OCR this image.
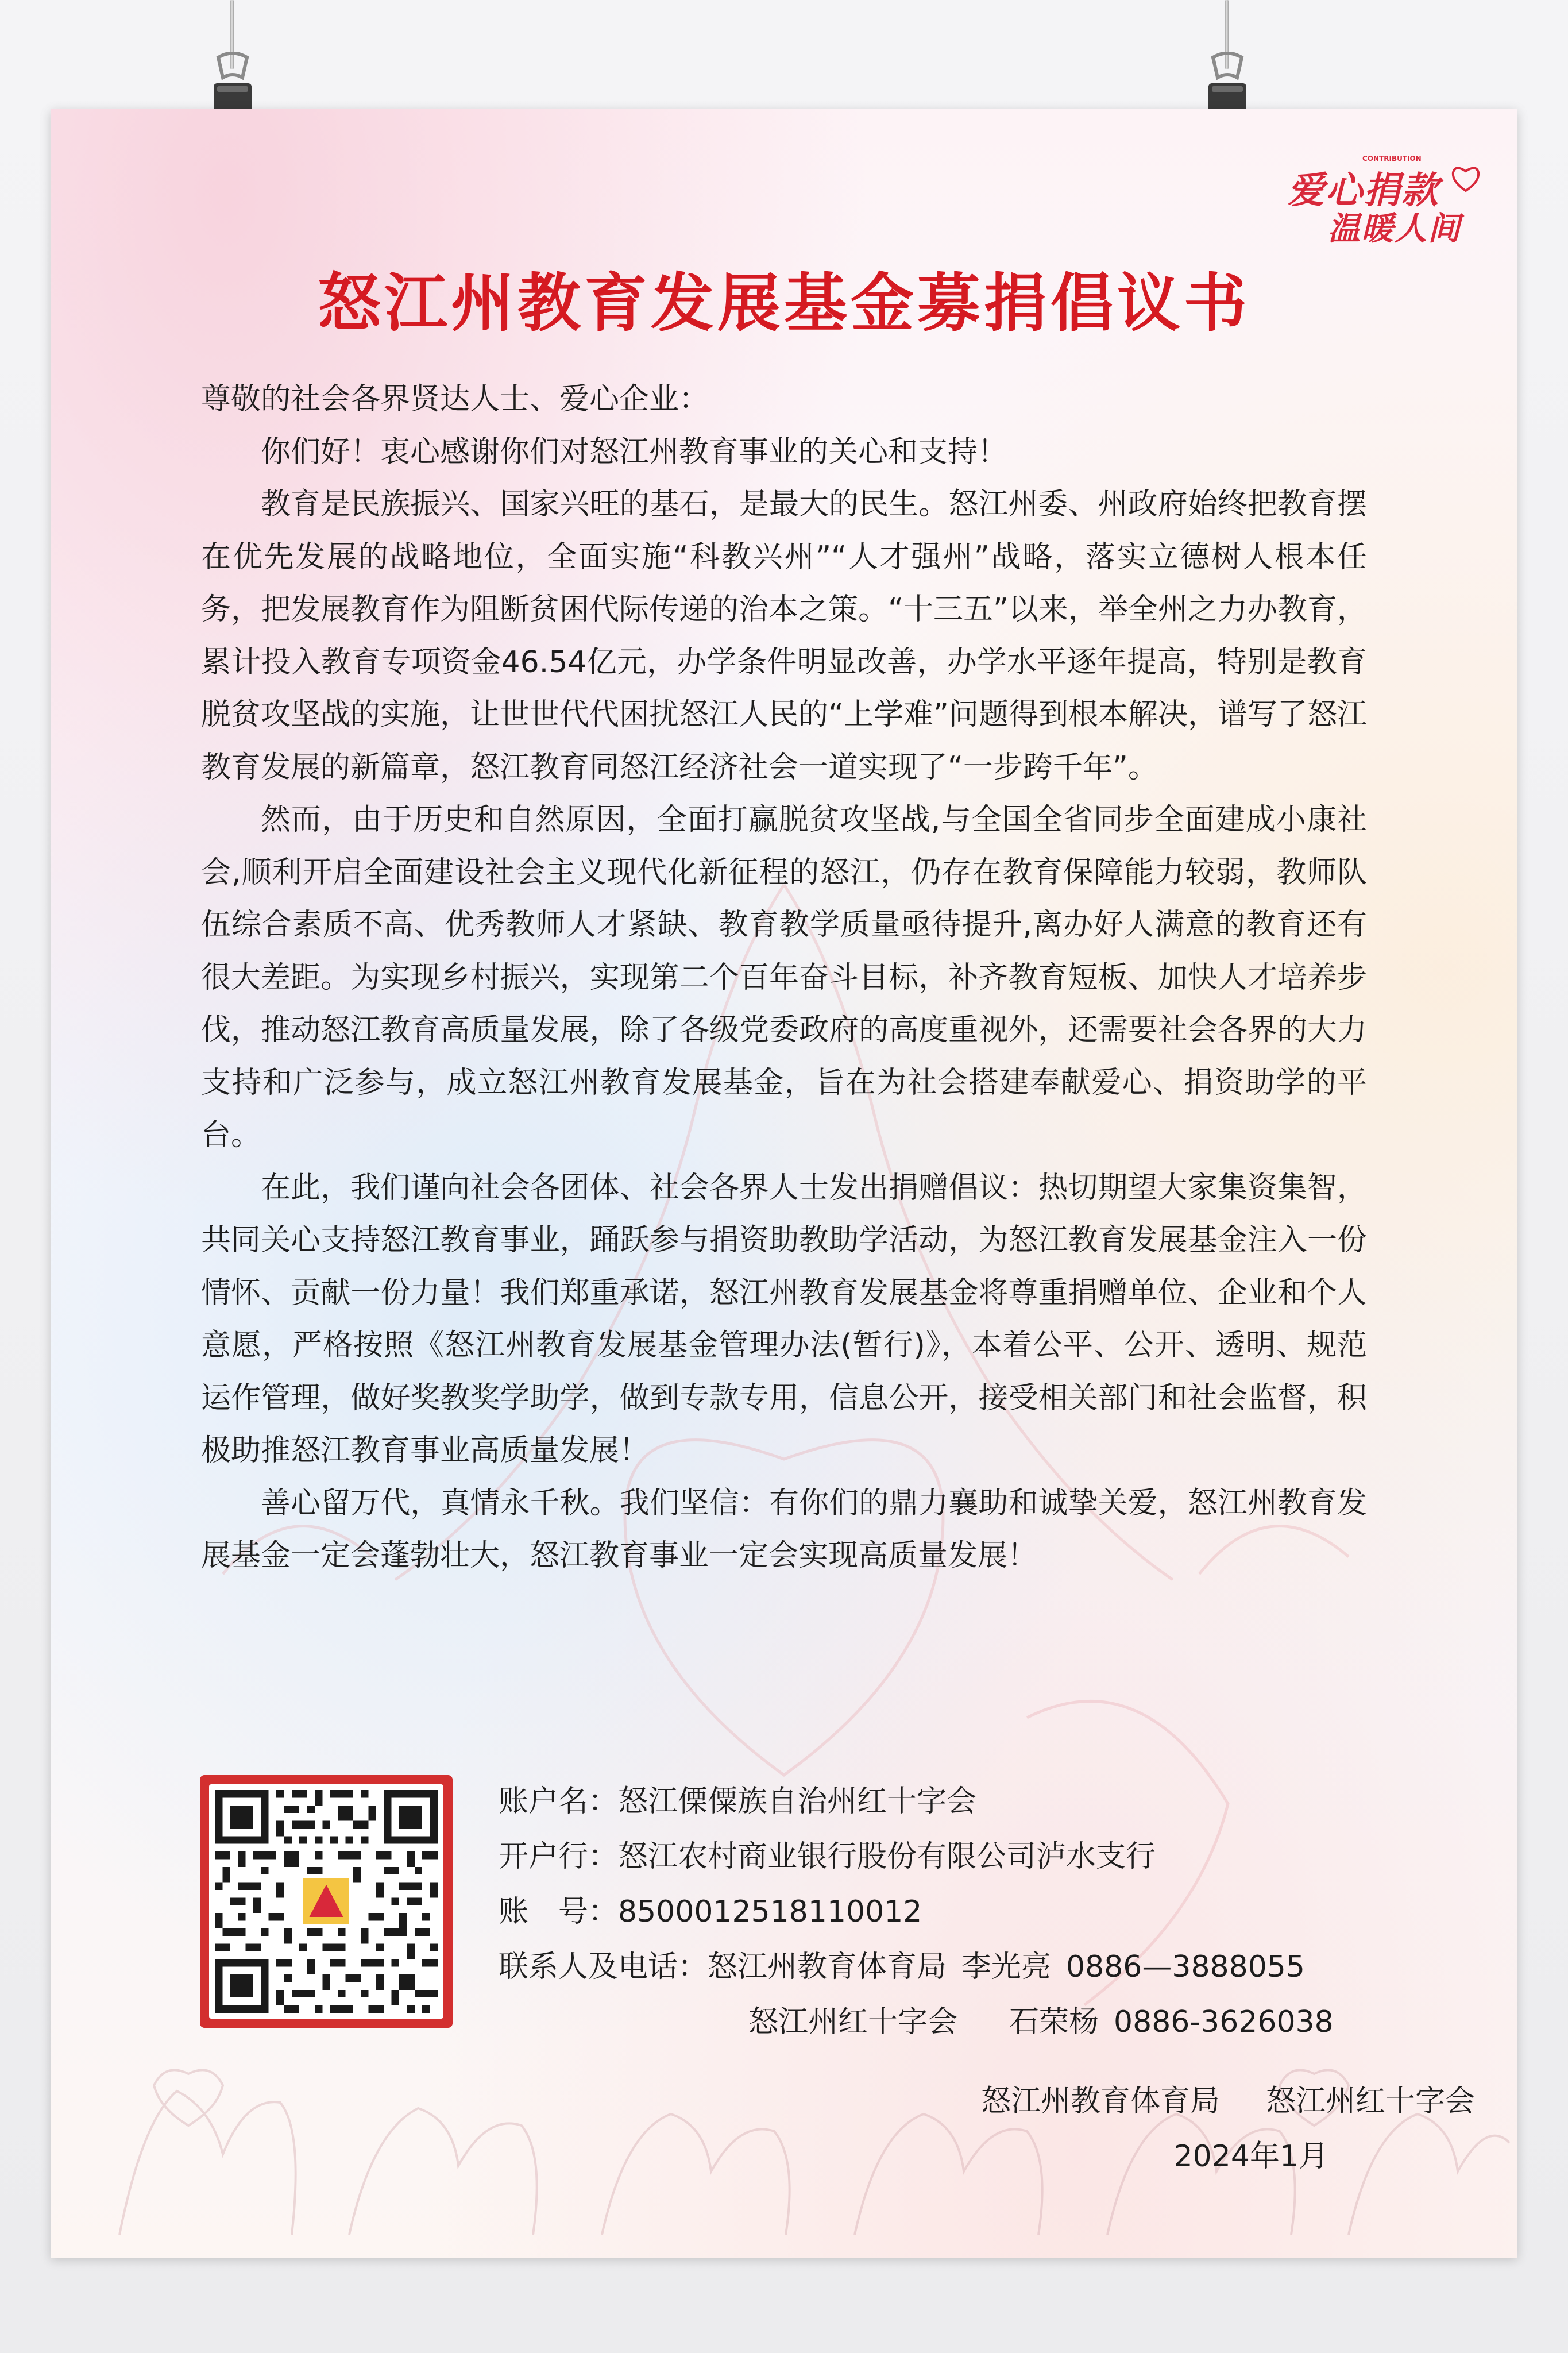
CONTRIBUTION
爱心捐款
温暖人间
怒江州教育发展基金募捐倡议书

尊敬的社会各界贤达人士、爱心企业：

你们好！衷心感谢你们对怒江州教育事业的关心和支持！

教育是民族振兴、国家兴旺的基石，是最大的民生。怒江州委、州政府始终把教育摆在优先发展的战略地位，全面实施“科教兴州”“人才强州”战略，落实立德树人根本任务，把发展教育作为阻断贫困代际传递的治本之策。“十三五”以来，举全州之力办教育，累计投入教育专项资金46.54亿元，办学条件明显改善，办学水平逐年提高，特别是教育脱贫攻坚战的实施，让世世代代困扰怒江人民的“上学难”问题得到根本解决，谱写了怒江教育发展的新篇章，怒江教育同怒江经济社会一道实现了“一步跨千年”。

然而，由于历史和自然原因，全面打赢脱贫攻坚战,与全国全省同步全面建成小康社会,顺利开启全面建设社会主义现代化新征程的怒江，仍存在教育保障能力较弱，教师队伍综合素质不高、优秀教师人才紧缺、教育教学质量亟待提升,离办好人满意的教育还有很大差距。为实现乡村振兴，实现第二个百年奋斗目标，补齐教育短板、加快人才培养步伐，推动怒江教育高质量发展，除了各级党委政府的高度重视外，还需要社会各界的大力支持和广泛参与，成立怒江州教育发展基金，旨在为社会搭建奉献爱心、捐资助学的平台。

在此，我们谨向社会各团体、社会各界人士发出捐赠倡议：热切期望大家集资集智，共同关心支持怒江教育事业，踊跃参与捐资助教助学活动，为怒江教育发展基金注入一份情怀、贡献一份力量！我们郑重承诺，怒江州教育发展基金将尊重捐赠单位、企业和个人意愿，严格按照《怒江州教育发展基金管理办法(暂行)》，本着公平、公开、透明、规范运作管理，做好奖教奖学助学，做到专款专用，信息公开，接受相关部门和社会监督，积极助推怒江教育事业高质量发展！

善心留万代，真情永千秋。我们坚信：有你们的鼎力襄助和诚挚关爱，怒江州教育发展基金一定会蓬勃壮大，怒江教育事业一定会实现高质量发展！

账户名：怒江傈僳族自治州红十字会
开户行：怒江农村商业银行股份有限公司泸水支行
账　号：8500012518110012
联系人及电话：怒江州教育体育局 李光亮 0886—3888055
怒江州红十字会 石荣杨 0886-3626038
怒江州教育体育局 怒江州红十字会
2024年1月
